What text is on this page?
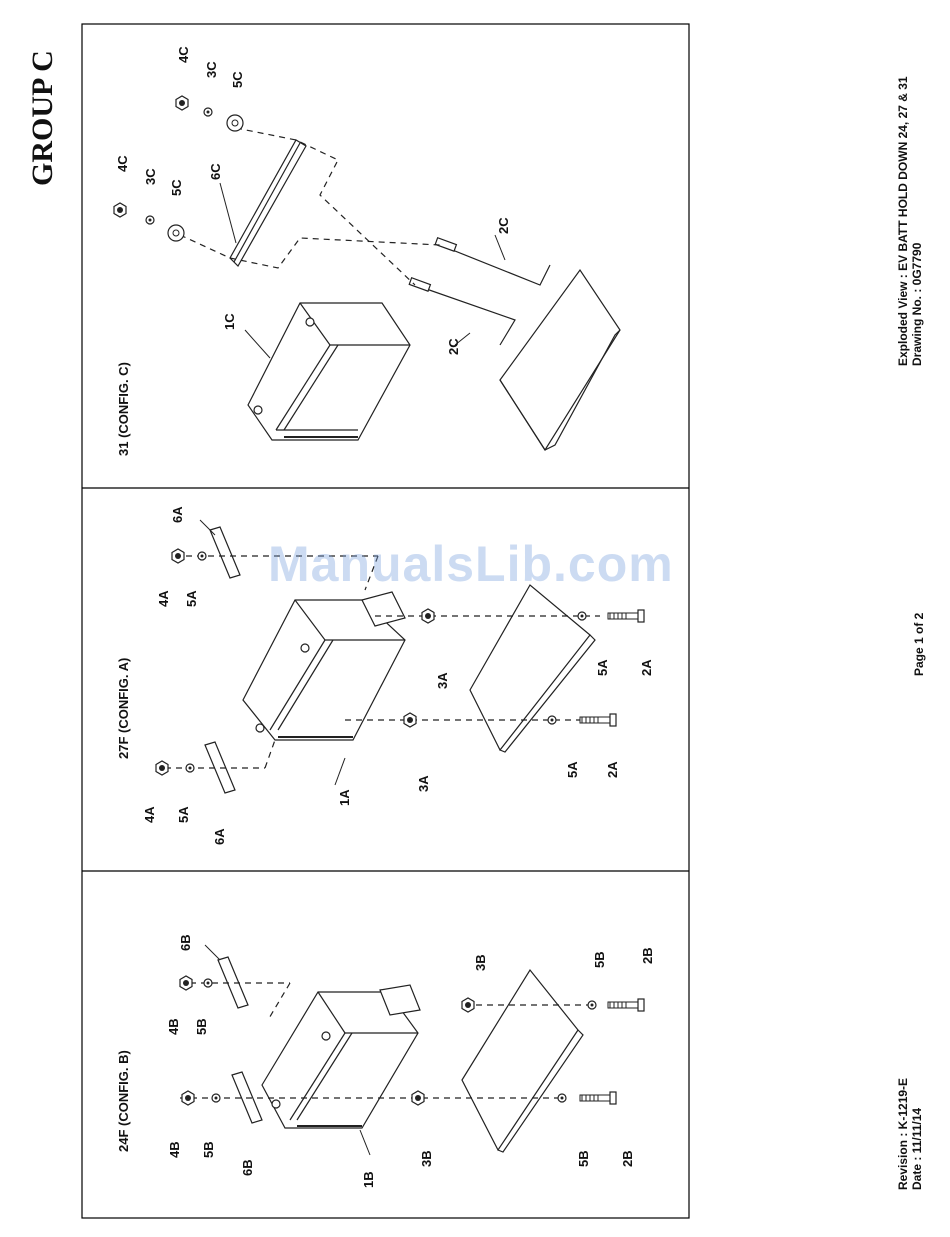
GROUP C	Exploded View : EV BATT HOLD DOWN 24, 27 & 31 Drawing No. : 0G7790
Page 1 of 2
Revision : K-1219-E Date : 11/11/14
31 (CONFIG. C)
27F (CONFIG. A)
24F (CONFIG. B)
4C
3C
5C
4C
3C
5C
6C
2C
1C
2C
6A
4A 5A
3A
5A 2A
4A 5A
6A
1A
3A
5A 2A
6B
4B 5B
3B	5B	2B
4B 5B
6B
1B
3B	5B 2B
ManualsLib.com
